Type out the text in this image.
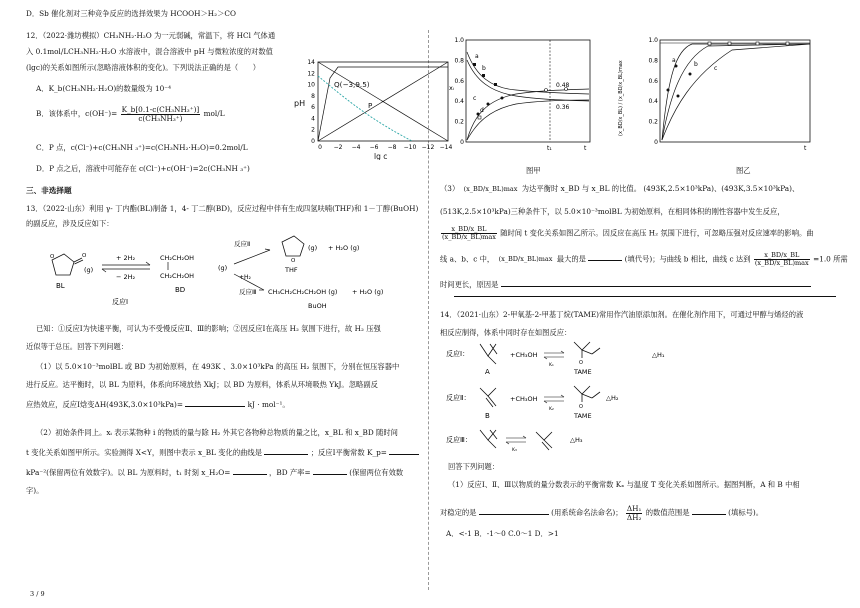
D．Sb 催化剂对三种竞争反应的选择效果为 HCOOH＞H₂＞CO
12．（2022·潍坊模拟）CH₃NH₂·H₂O 为一元弱碱，常温下，将 HCl 气体通
入 0.1mol/LCH₃NH₂·H₂O 水溶液中，混合溶液中 pH 与微粒浓度的对数值
(lgc)的关系如图所示(忽略溶液体积的变化)。下列说法正确的是（　　）
A．K_b(CH₃NH₂·H₂O)的数量级为 10⁻⁴
B．该体系中，$c(OH^-)= \frac{\text{K\_b[0.1-c(CH₃NH₃⁺)]}}{\text{c(CH₃NH₃⁺)}} mol/L$
C．P 点，c(Cl⁻)+c(CH₃NH ₃⁺)=c(CH₃NH₂·H₂O)=0.2mol/L
D．P 点之后，溶液中可能存在 c(Cl⁻)+c(OH⁻)=2c(CH₃NH ₃⁺)
14
12
10
8
6
4
2
0
0 −2 −4 −6 −8 −10 −12 −14
Q(−3,9.5)
P
pH
lg c
三、非选择题
13．（2022·山东）利用 γ- 丁内酯(BL)制备 1，4- 丁二醇(BD)，反应过程中伴有生成四氢呋喃(THF)和 1－丁醇(BuOH)
的副反应，涉及反应如下：
O	O
(g)
BL
+ 2H₂
− 2H₂
反应Ⅰ
CH₂CH₂OH
CH₂CH₂OH
(g)
BD
反应Ⅱ
O
(g) + H₂O (g)
THF
+H₂
反应Ⅲ CH₃CH₂CH₂CH₂OH (g) + H₂O (g)
BuOH
已知：①反应Ⅰ为快速平衡，可认为不受慢反应Ⅱ、Ⅲ的影响；②因反应Ⅰ在高压 H₂ 氛围下进行，故 H₂ 压强
近似等于总压。回答下列问题：
（1）以 5.0×10⁻³molBL 或 BD 为初始原料，在 493K 、3.0×10³kPa 的高压 H₂ 氛围下，分别在恒压容器中
进行反应。达平衡时，以 BL 为原料，体系向环境放热 XkJ；以 BD 为原料，体系从环境吸热 YkJ。忽略副反
应热效应，反应Ⅰ焓变ΔH(493K,3.0×10³kPa)=	kJ · mol⁻¹。
（2）初始条件同上。xᵢ 表示某物种 i 的物质的量与除 H₂ 外其它各物种总物质的量之比，x_BL 和 x_BD 随时间
t 变化关系如图甲所示。实验测得 X<Y，则图中表示 x_BL 变化的曲线是	；反应Ⅰ平衡常数 K_p=
kPa⁻²(保留两位有效数字)。以 BL 为原料时，t₁ 时刻 x_H₂O=	，BD 产率=	(保留两位有效数
字)。
3 / 9
1.0
0.8
0.6
0.4
0.2
0
xᵢ
a
b
c
d
0.48
0.36
t₁	t
图甲
1.0
0.8
0.6
0.4
0.2
0
(x_BD/x_BL) / (x_BD/x_BL)max	a
b
c
t
图乙
（3） (x_BD/x_BL)max 为达平衡时 x_BD 与 x_BL 的比值。 (493K,2.5×10³kPa)、(493K,3.5×10³kPa)、
(513K,2.5×10³kPa)三种条件下，以 5.0×10⁻³molBL 为初始原料，在相同体积的刚性容器中发生反应，
$\frac{x\_BD/x\_BL}{(x\_BD/x\_BL)\max}$ 随时间 t 变化关系如图乙所示。因反应在高压 H₂ 氛围下进行，可忽略压强对反应速率的影响。曲
线 a、b、c 中， (x_BD/x_BL)max 最大的是	(填代号)；与曲线 b 相比，曲线 c 达到 $\frac{x\_BD/x\_BL}{(x\_BD/x\_BL)\max} =1.0$ 所需
时间更长，原因是
14．（2021·山东）2-甲氧基-2-甲基丁烷(TAME)常用作汽油原添加剂。在催化剂作用下，可通过甲醇与烯烃的液
相反应制得，体系中同时存在如图反应：
反应Ⅰ：
A
+CH₃OH
K₁	O
TAME
△H₁
反应Ⅱ：
B
+CH₃OH
K₂	O
TAME
△H₂
反应Ⅲ：
K₃
△H₃
回答下列问题：
（1）反应Ⅰ、Ⅱ、Ⅲ以物质的量分数表示的平衡常数 Kₓ 与温度 T 变化关系如图所示。据图判断，A 和 B 中相
对稳定的是	(用系统命名法命名)； $\frac{\text{ΔH₁}}{\text{ΔH₂}}$ 的数值范围是	(填标号)。
A．<-1 B．-1～0 C.0～1 D．>1
